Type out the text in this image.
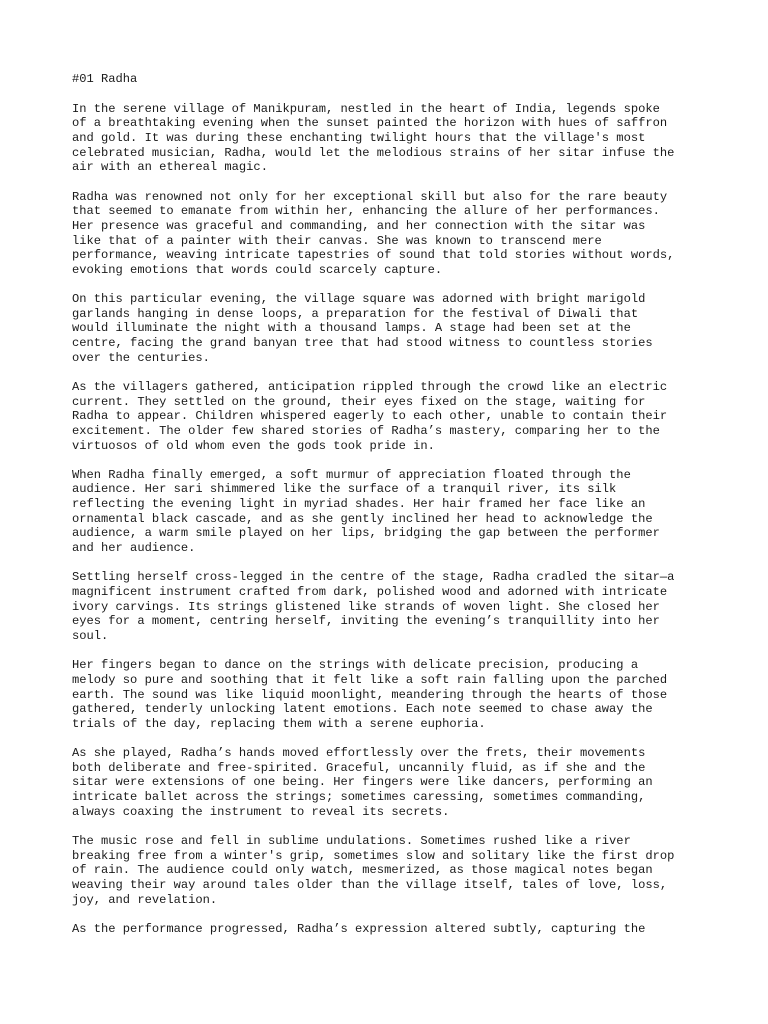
#01 Radha
In the serene village of Manikpuram, nestled in the heart of India, legends spoke
of a breathtaking evening when the sunset painted the horizon with hues of saffron
and gold. It was during these enchanting twilight hours that the village's most
celebrated musician, Radha, would let the melodious strains of her sitar infuse the
air with an ethereal magic.
Radha was renowned not only for her exceptional skill but also for the rare beauty
that seemed to emanate from within her, enhancing the allure of her performances.
Her presence was graceful and commanding, and her connection with the sitar was
like that of a painter with their canvas. She was known to transcend mere
performance, weaving intricate tapestries of sound that told stories without words,
evoking emotions that words could scarcely capture.
On this particular evening, the village square was adorned with bright marigold
garlands hanging in dense loops, a preparation for the festival of Diwali that
would illuminate the night with a thousand lamps. A stage had been set at the
centre, facing the grand banyan tree that had stood witness to countless stories
over the centuries.
As the villagers gathered, anticipation rippled through the crowd like an electric
current. They settled on the ground, their eyes fixed on the stage, waiting for
Radha to appear. Children whispered eagerly to each other, unable to contain their
excitement. The older few shared stories of Radha’s mastery, comparing her to the
virtuosos of old whom even the gods took pride in.
When Radha finally emerged, a soft murmur of appreciation floated through the
audience. Her sari shimmered like the surface of a tranquil river, its silk
reflecting the evening light in myriad shades. Her hair framed her face like an
ornamental black cascade, and as she gently inclined her head to acknowledge the
audience, a warm smile played on her lips, bridging the gap between the performer
and her audience.
Settling herself cross-legged in the centre of the stage, Radha cradled the sitar—a
magnificent instrument crafted from dark, polished wood and adorned with intricate
ivory carvings. Its strings glistened like strands of woven light. She closed her
eyes for a moment, centring herself, inviting the evening’s tranquillity into her
soul.
Her fingers began to dance on the strings with delicate precision, producing a
melody so pure and soothing that it felt like a soft rain falling upon the parched
earth. The sound was like liquid moonlight, meandering through the hearts of those
gathered, tenderly unlocking latent emotions. Each note seemed to chase away the
trials of the day, replacing them with a serene euphoria.
As she played, Radha’s hands moved effortlessly over the frets, their movements
both deliberate and free-spirited. Graceful, uncannily fluid, as if she and the
sitar were extensions of one being. Her fingers were like dancers, performing an
intricate ballet across the strings; sometimes caressing, sometimes commanding,
always coaxing the instrument to reveal its secrets.
The music rose and fell in sublime undulations. Sometimes rushed like a river
breaking free from a winter's grip, sometimes slow and solitary like the first drop
of rain. The audience could only watch, mesmerized, as those magical notes began
weaving their way around tales older than the village itself, tales of love, loss,
joy, and revelation.
As the performance progressed, Radha’s expression altered subtly, capturing the
